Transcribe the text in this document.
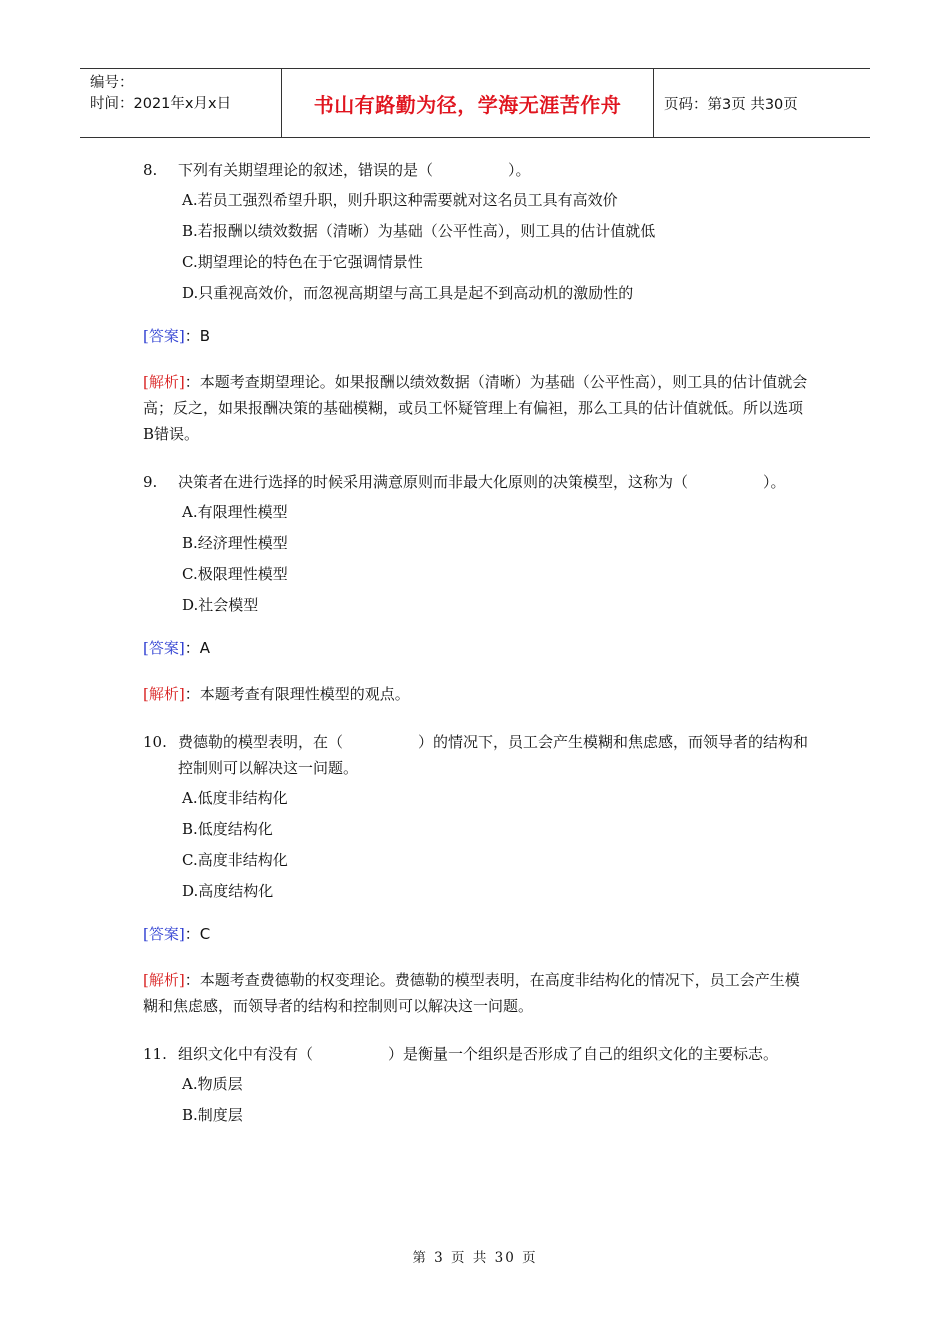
编号：
时间：2021年x月x日	书山有路勤为径，学海无涯苦作舟	页码：第3页 共30页
8. 下列有关期望理论的叙述，错误的是（　　　　　）。
A.若员工强烈希望升职，则升职这种需要就对这名员工具有高效价
B.若报酬以绩效数据（清晰）为基础（公平性高），则工具的估计值就低
C.期望理论的特色在于它强调情景性
D.只重视高效价，而忽视高期望与高工具是起不到高动机的激励性的
[答案]：B
[解析]：本题考查期望理论。如果报酬以绩效数据（清晰）为基础（公平性高），则工具的估计值就会高；反之，如果报酬决策的基础模糊，或员工怀疑管理上有偏袒，那么工具的估计值就低。所以选项B错误。
9. 决策者在进行选择的时候采用满意原则而非最大化原则的决策模型，这称为（　　　　　）。
A.有限理性模型
B.经济理性模型
C.极限理性模型
D.社会模型
[答案]：A
[解析]：本题考查有限理性模型的观点。
10. 费德勒的模型表明，在（　　　　　）的情况下，员工会产生模糊和焦虑感，而领导者的结构和控制则可以解决这一问题。
A.低度非结构化
B.低度结构化
C.高度非结构化
D.高度结构化
[答案]：C
[解析]：本题考查费德勒的权变理论。费德勒的模型表明，在高度非结构化的情况下，员工会产生模糊和焦虑感，而领导者的结构和控制则可以解决这一问题。
11. 组织文化中有没有（　　　　　）是衡量一个组织是否形成了自己的组织文化的主要标志。
A.物质层
B.制度层
第 3 页 共 30 页
